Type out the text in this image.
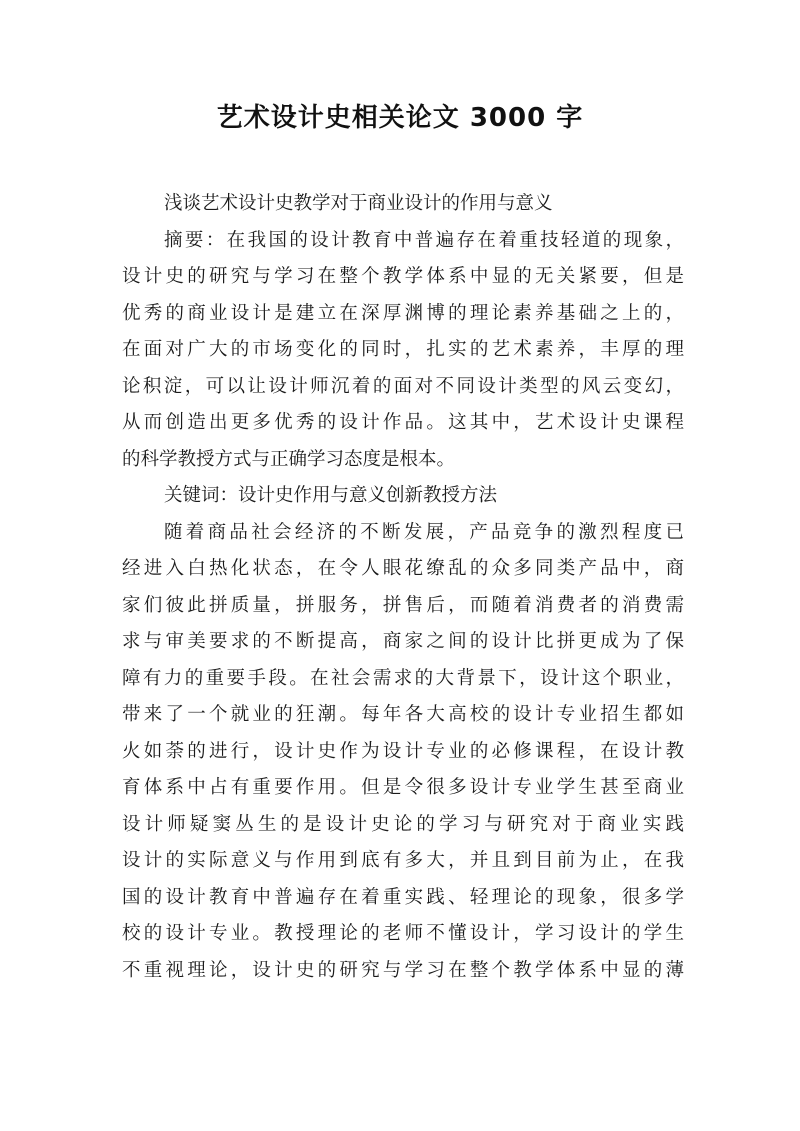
艺术设计史相关论文 3000 字
浅谈艺术设计史教学对于商业设计的作用与意义
摘要：在我国的设计教育中普遍存在着重技轻道的现象，
设计史的研究与学习在整个教学体系中显的无关紧要，但是
优秀的商业设计是建立在深厚渊博的理论素养基础之上的，
在面对广大的市场变化的同时，扎实的艺术素养，丰厚的理
论积淀，可以让设计师沉着的面对不同设计类型的风云变幻，
从而创造出更多优秀的设计作品。这其中，艺术设计史课程
的科学教授方式与正确学习态度是根本。
关键词：设计史作用与意义创新教授方法
随着商品社会经济的不断发展，产品竞争的激烈程度已
经进入白热化状态，在令人眼花缭乱的众多同类产品中，商
家们彼此拼质量，拼服务，拼售后，而随着消费者的消费需
求与审美要求的不断提高，商家之间的设计比拼更成为了保
障有力的重要手段。在社会需求的大背景下，设计这个职业，
带来了一个就业的狂潮。每年各大高校的设计专业招生都如
火如荼的进行，设计史作为设计专业的必修课程，在设计教
育体系中占有重要作用。但是令很多设计专业学生甚至商业
设计师疑窦丛生的是设计史论的学习与研究对于商业实践
设计的实际意义与作用到底有多大，并且到目前为止，在我
国的设计教育中普遍存在着重实践、轻理论的现象，很多学
校的设计专业。教授理论的老师不懂设计，学习设计的学生
不重视理论，设计史的研究与学习在整个教学体系中显的薄
